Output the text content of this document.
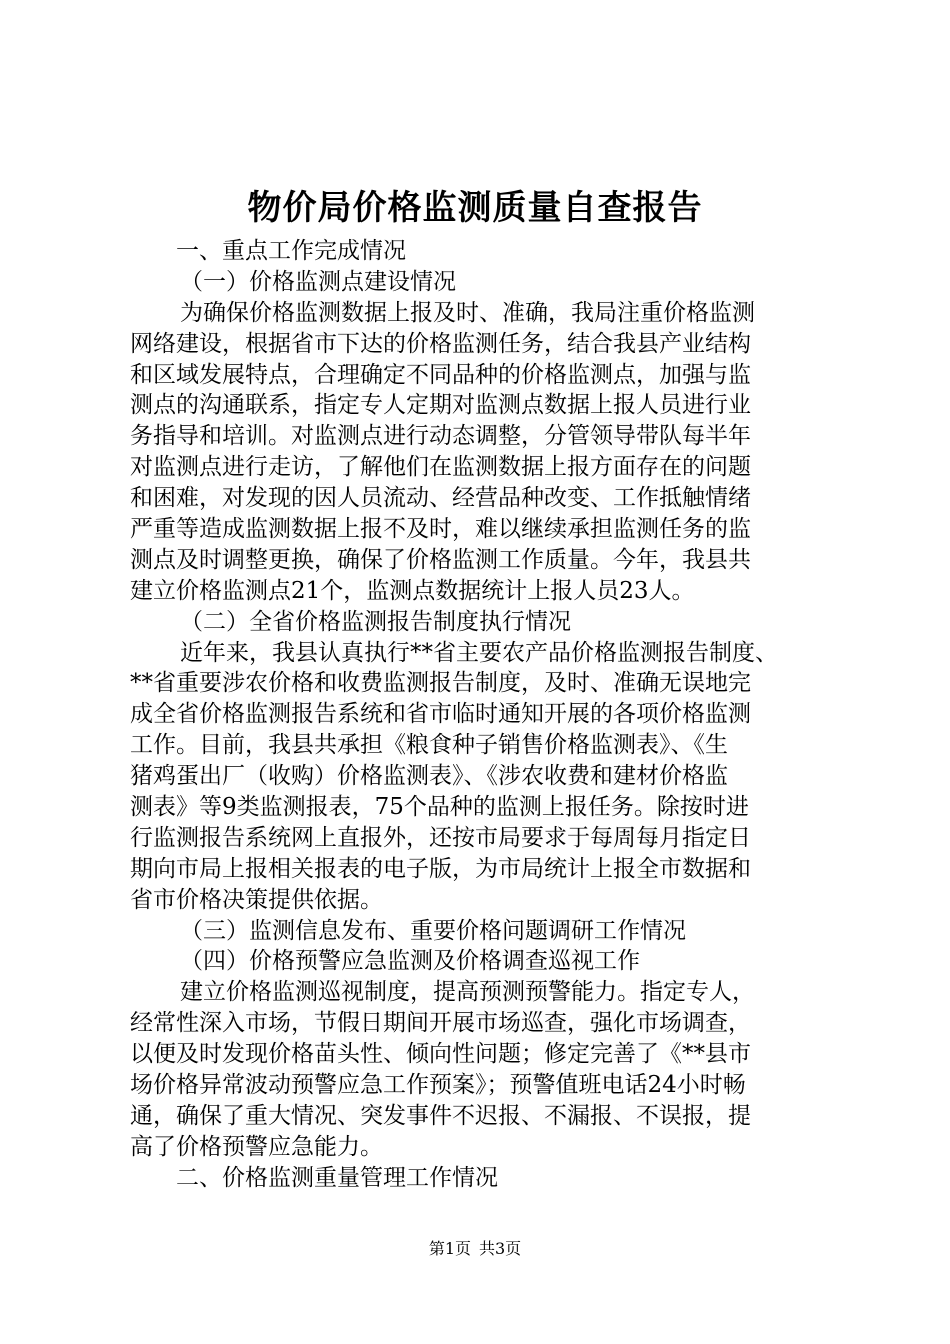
物价局价格监测质量自查报告
一、重点工作完成情况
（一）价格监测点建设情况
为确保价格监测数据上报及时、准确，我局注重价格监测
网络建设，根据省市下达的价格监测任务，结合我县产业结构
和区域发展特点，合理确定不同品种的价格监测点，加强与监
测点的沟通联系，指定专人定期对监测点数据上报人员进行业
务指导和培训。对监测点进行动态调整，分管领导带队每半年
对监测点进行走访，了解他们在监测数据上报方面存在的问题
和困难，对发现的因人员流动、经营品种改变、工作抵触情绪
严重等造成监测数据上报不及时，难以继续承担监测任务的监
测点及时调整更换，确保了价格监测工作质量。今年，我县共
建立价格监测点21个，监测点数据统计上报人员23人。
（二）全省价格监测报告制度执行情况
近年来，我县认真执行**省主要农产品价格监测报告制度、
**省重要涉农价格和收费监测报告制度，及时、准确无误地完
成全省价格监测报告系统和省市临时通知开展的各项价格监测
工作。目前，我县共承担《粮食种子销售价格监测表》、《生
猪鸡蛋出厂（收购）价格监测表》、《涉农收费和建材价格监
测表》等9类监测报表，75个品种的监测上报任务。除按时进
行监测报告系统网上直报外，还按市局要求于每周每月指定日
期向市局上报相关报表的电子版，为市局统计上报全市数据和
省市价格决策提供依据。
（三）监测信息发布、重要价格问题调研工作情况
（四）价格预警应急监测及价格调查巡视工作
建立价格监测巡视制度，提高预测预警能力。指定专人，
经常性深入市场，节假日期间开展市场巡查，强化市场调查，
以便及时发现价格苗头性、倾向性问题；修定完善了《**县市
场价格异常波动预警应急工作预案》；预警值班电话24小时畅
通，确保了重大情况、突发事件不迟报、不漏报、不误报，提
高了价格预警应急能力。
二、价格监测重量管理工作情况
第1页 共3页
